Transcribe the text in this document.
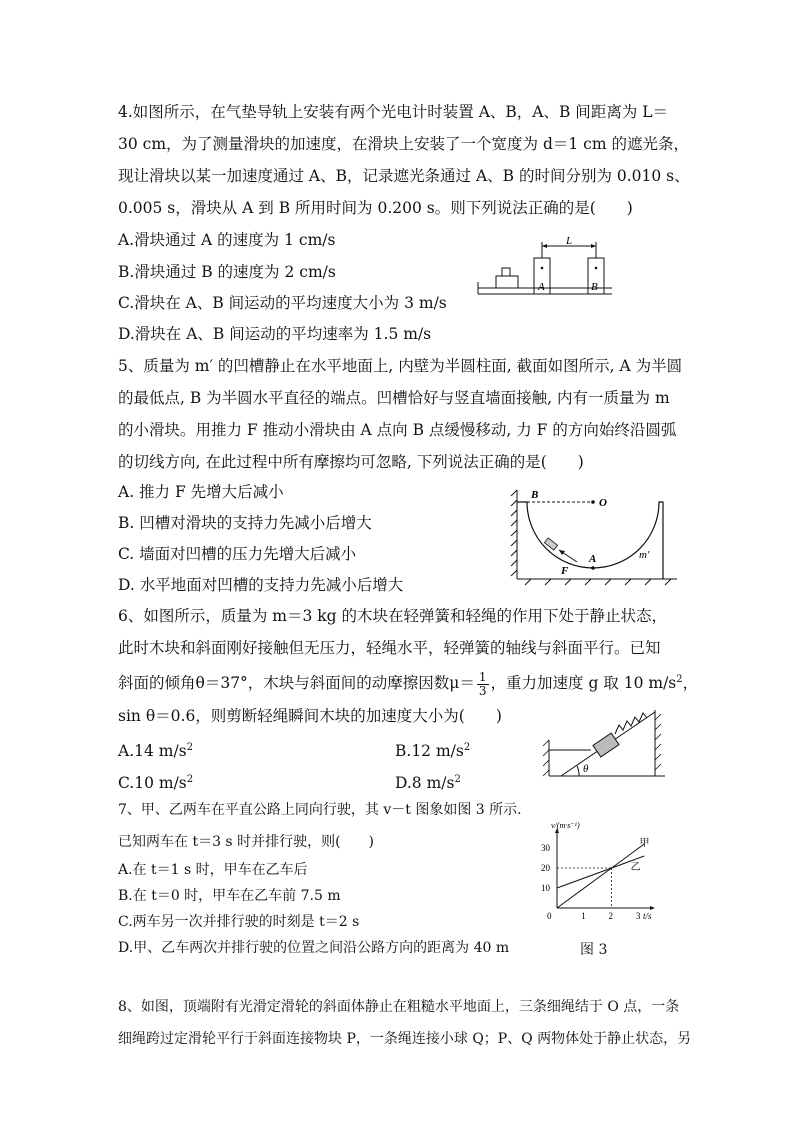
4.如图所示，在气垫导轨上安装有两个光电计时装置 A、B，A、B 间距离为 L＝
30 cm，为了测量滑块的加速度，在滑块上安装了一个宽度为 d＝1 cm 的遮光条，
现让滑块以某一加速度通过 A、B，记录遮光条通过 A、B 的时间分别为 0.010 s、
0.005 s，滑块从 A 到 B 所用时间为 0.200 s。则下列说法正确的是(　　)
A.滑块通过 A 的速度为 1 cm/s
B.滑块通过 B 的速度为 2 cm/s
C.滑块在 A、B 间运动的平均速度大小为 3 m/s
D.滑块在 A、B 间运动的平均速率为 1.5 m/s
L
A	B
5、质量为 m′ 的凹槽静止在水平地面上, 内壁为半圆柱面, 截面如图所示, A 为半圆
的最低点, B 为半圆水平直径的端点。凹槽恰好与竖直墙面接触, 内有一质量为 m
的小滑块。用推力 F 推动小滑块由 A 点向 B 点缓慢移动, 力 F 的方向始终沿圆弧
的切线方向, 在此过程中所有摩擦均可忽略, 下列说法正确的是(　　)
A. 推力 F 先增大后减小
B. 凹槽对滑块的支持力先减小后增大
C. 墙面对凹槽的压力先增大后减小
D. 水平地面对凹槽的支持力先减小后增大
B
O
A
F
m′
6、如图所示，质量为 m＝3 kg 的木块在轻弹簧和轻绳的作用下处于静止状态，
此时木块和斜面刚好接触但无压力，轻绳水平，轻弹簧的轴线与斜面平行。已知
斜面的倾角θ＝37°，木块与斜面间的动摩擦因数$\mu= \frac{1}{3}$ ，重力加速度 g 取 10 $m/s^2$，
sin θ＝0.6，则剪断轻绳瞬间木块的加速度大小为(　　)
A.14 $m/s^2$	B.12 $m/s^2$
C.10 $m/s^2$	D.8 $m/s^2$
θ
7、甲、乙两车在平直公路上同向行驶，其 v－t 图象如图 3 所示.
已知两车在 t＝3 s 时并排行驶，则(　　)
A.在 t＝1 s 时，甲车在乙车后
B.在 t＝0 时，甲车在乙车前 7.5 m
C.两车另一次并排行驶的时刻是 t＝2 s
D.甲、乙车两次并排行驶的位置之间沿公路方向的距离为 40 m	图 3
0	1	2	3
10
20
30
t/s
v/(m·s⁻¹)
甲
乙
8、如图，顶端附有光滑定滑轮的斜面体静止在粗糙水平地面上，三条细绳结于 O 点，一条
细绳跨过定滑轮平行于斜面连接物块 P，一条绳连接小球 Q；P、Q 两物体处于静止状态，另
